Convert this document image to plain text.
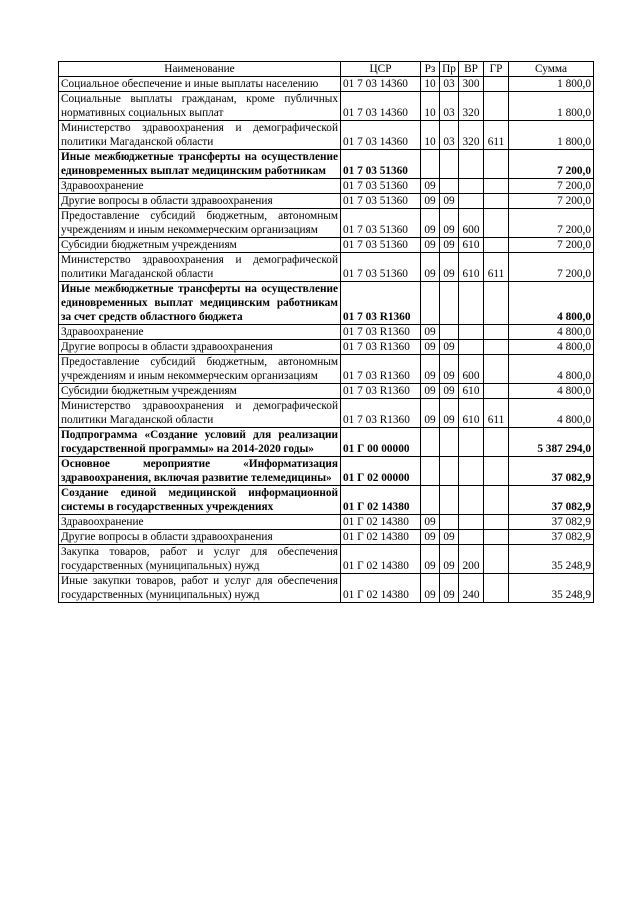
Наименование	ЦСР	Рз	Пр	ВР	ГР	Сумма
Социальное обеспечение и иные выплаты населению	01 7 03 14360	10	03	300		1 800,0
Социальные выплаты гражданам, кроме публичных нормативных социальных выплат	01 7 03 14360	10	03	320		1 800,0
Министерство здравоохранения и демографической политики Магаданской области	01 7 03 14360	10	03	320	611	1 800,0
Иные межбюджетные трансферты на осуществление единовременных выплат медицинским работникам	01 7 03 51360					7 200,0
Здравоохранение	01 7 03 51360	09				7 200,0
Другие вопросы в области здравоохранения	01 7 03 51360	09	09			7 200,0
Предоставление субсидий бюджетным, автономным учреждениям и иным некоммерческим организациям	01 7 03 51360	09	09	600		7 200,0
Субсидии бюджетным учреждениям	01 7 03 51360	09	09	610		7 200,0
Министерство здравоохранения и демографической политики Магаданской области	01 7 03 51360	09	09	610	611	7 200,0
Иные межбюджетные трансферты на осуществление единовременных выплат медицинским работникам за счет средств областного бюджета	01 7 03 R1360					4 800,0
Здравоохранение	01 7 03 R1360	09				4 800,0
Другие вопросы в области здравоохранения	01 7 03 R1360	09	09			4 800,0
Предоставление субсидий бюджетным, автономным учреждениям и иным некоммерческим организациям	01 7 03 R1360	09	09	600		4 800,0
Субсидии бюджетным учреждениям	01 7 03 R1360	09	09	610		4 800,0
Министерство здравоохранения и демографической политики Магаданской области	01 7 03 R1360	09	09	610	611	4 800,0
Подпрограмма «Создание условий для реализации государственной программы» на 2014-2020 годы»	01 Г 00 00000					5 387 294,0
Основное мероприятие «Информатизация здравоохранения, включая развитие телемедицины»	01 Г 02 00000					37 082,9
Создание единой медицинской информационной системы в государственных учреждениях	01 Г 02 14380					37 082,9
Здравоохранение	01 Г 02 14380	09				37 082,9
Другие вопросы в области здравоохранения	01 Г 02 14380	09	09			37 082,9
Закупка товаров, работ и услуг для обеспечения государственных (муниципальных) нужд	01 Г 02 14380	09	09	200		35 248,9
Иные закупки товаров, работ и услуг для обеспечения государственных (муниципальных) нужд	01 Г 02 14380	09	09	240		35 248,9
